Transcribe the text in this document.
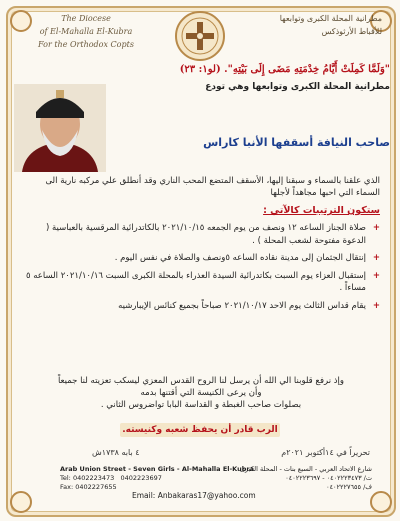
The Diocese
of El-Mahalla El-Kubra
For the Orthodox Copts
مطرانية المحلة الكبرى وتوابعها
للأقباط الأرثوذكس
"وَلَمَّا كَمِلَتْ أَيَّامُ خِدْمَتِهِ مَضَى إِلَى بَيْتِهِ". (لو١: ٢٣)
مطرانية المحلة الكبرى وتوابعها وهي تودع
صاحب النيافة أسقفها الأنبا كاراس
الذي علقنا بالسماء و سبقنا إليها، الأسقف المتضع المحب الناري وقد أنطلق علي مركبه نارية الى السماء التي احبها مجاهداً لأجلها
ستكون الترتيبات كالآتي :
+
صلاة الجناز الساعه ١٢ ونصف من يوم الجمعه ٢٠٢١/١٠/١٥ بالكاتدرائية المرقسية بالعباسية ( الدعوة مفتوحة لشعب المحلة ) .
+
إنتقال الجثمان إلى مدينة نقاده الساعه ٥ونصف والصلاة في نفس اليوم .
+
إستقبال العزاء يوم السبت بكاتدرائية السيدة العذراء بالمحلة الكبرى السبت ٢٠٢١/١٠/١٦ الساعه ٥ مساءاً .
+
يقام قداس الثالث يوم الاحد ٢٠٢١/١٠/١٧ صباحاً بجميع كنائس الإيبارشيه
وإذ نرفع قلوبنا الي الله أن يرسل لنا الروح القدس المعزي ليسكب تعزيته لنا جميعاً
وأن يرعى الكنيسة التي أقتنها بدمه
بصلوات صاحب الغبطة و القداسة البابا تواضروس الثاني .
الرب قادر أن يحفظ شعبه وكنيسته.
٤ بابه ١٧٣٨ش	تحريراً في ١٤أكتوبر ٢٠٢١م
Arab Union Street - Seven Girls - Al-Mahalla El-Kubra
Tel: 0402223473 0402223697
Fax: 0402227655
شارع الاتحاد العربي - السبع بنات - المحلة الكبرى
ت/ ٠٤٠٢٢٢٣٤٧٣ - ٠٤٠٢٢٢٣٦٩٧
ف/ ٠٤٠٢٢٢٧٦٥٥
Email: Anbakaras17@yahoo.com
